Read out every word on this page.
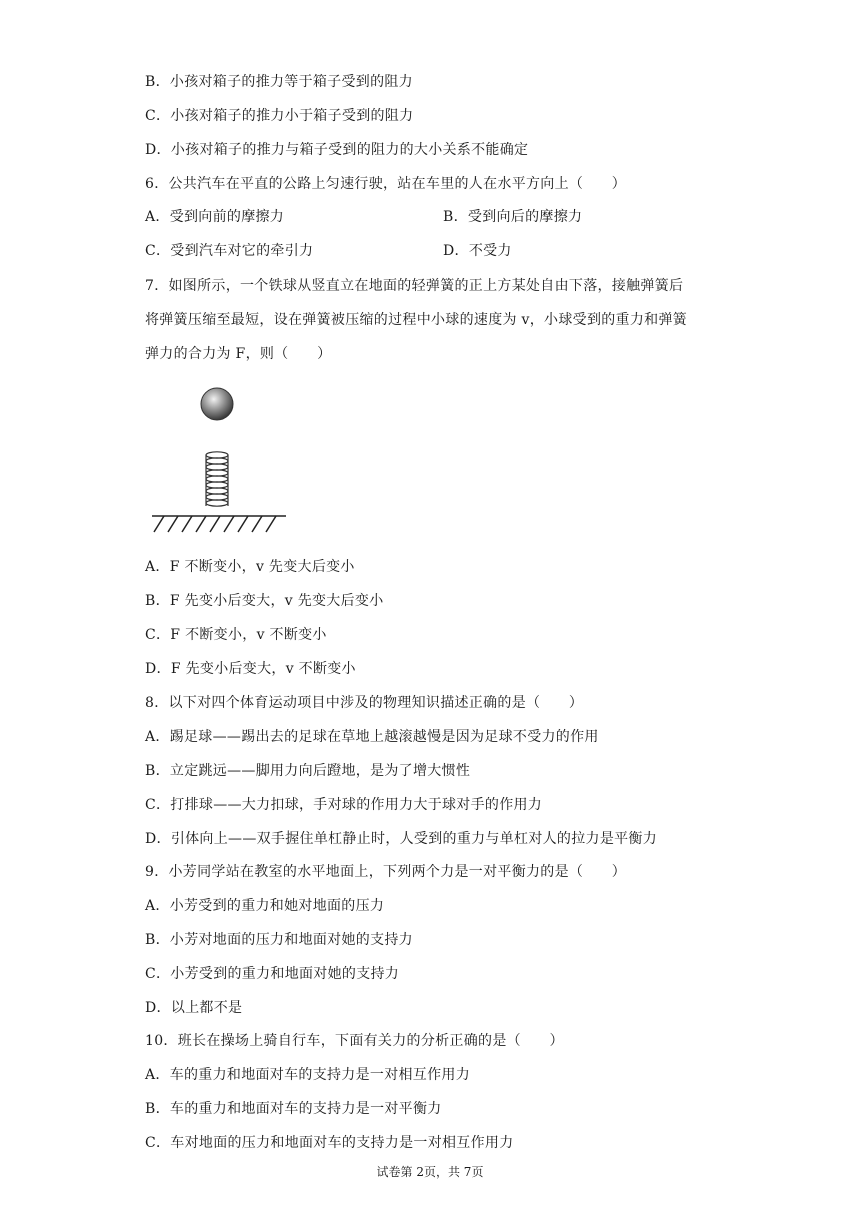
B．小孩对箱子的推力等于箱子受到的阻力
C．小孩对箱子的推力小于箱子受到的阻力
D．小孩对箱子的推力与箱子受到的阻力的大小关系不能确定
6．公共汽车在平直的公路上匀速行驶，站在车里的人在水平方向上（　　）
A．受到向前的摩擦力	B．受到向后的摩擦力
C．受到汽车对它的牵引力	D．不受力
7．如图所示，一个铁球从竖直立在地面的轻弹簧的正上方某处自由下落，接触弹簧后
将弹簧压缩至最短，设在弹簧被压缩的过程中小球的速度为 v，小球受到的重力和弹簧
弹力的合力为 F，则（　　）
A．F 不断变小，v 先变大后变小
B．F 先变小后变大，v 先变大后变小
C．F 不断变小，v 不断变小
D．F 先变小后变大，v 不断变小
8．以下对四个体育运动项目中涉及的物理知识描述正确的是（　　）
A．踢足球——踢出去的足球在草地上越滚越慢是因为足球不受力的作用
B．立定跳远——脚用力向后蹬地，是为了增大惯性
C．打排球——大力扣球，手对球的作用力大于球对手的作用力
D．引体向上——双手握住单杠静止时，人受到的重力与单杠对人的拉力是平衡力
9．小芳同学站在教室的水平地面上，下列两个力是一对平衡力的是（　　）
A．小芳受到的重力和她对地面的压力
B．小芳对地面的压力和地面对她的支持力
C．小芳受到的重力和地面对她的支持力
D．以上都不是
10．班长在操场上骑自行车，下面有关力的分析正确的是（　　）
A．车的重力和地面对车的支持力是一对相互作用力
B．车的重力和地面对车的支持力是一对平衡力
C．车对地面的压力和地面对车的支持力是一对相互作用力
试卷第 2页，共 7页
